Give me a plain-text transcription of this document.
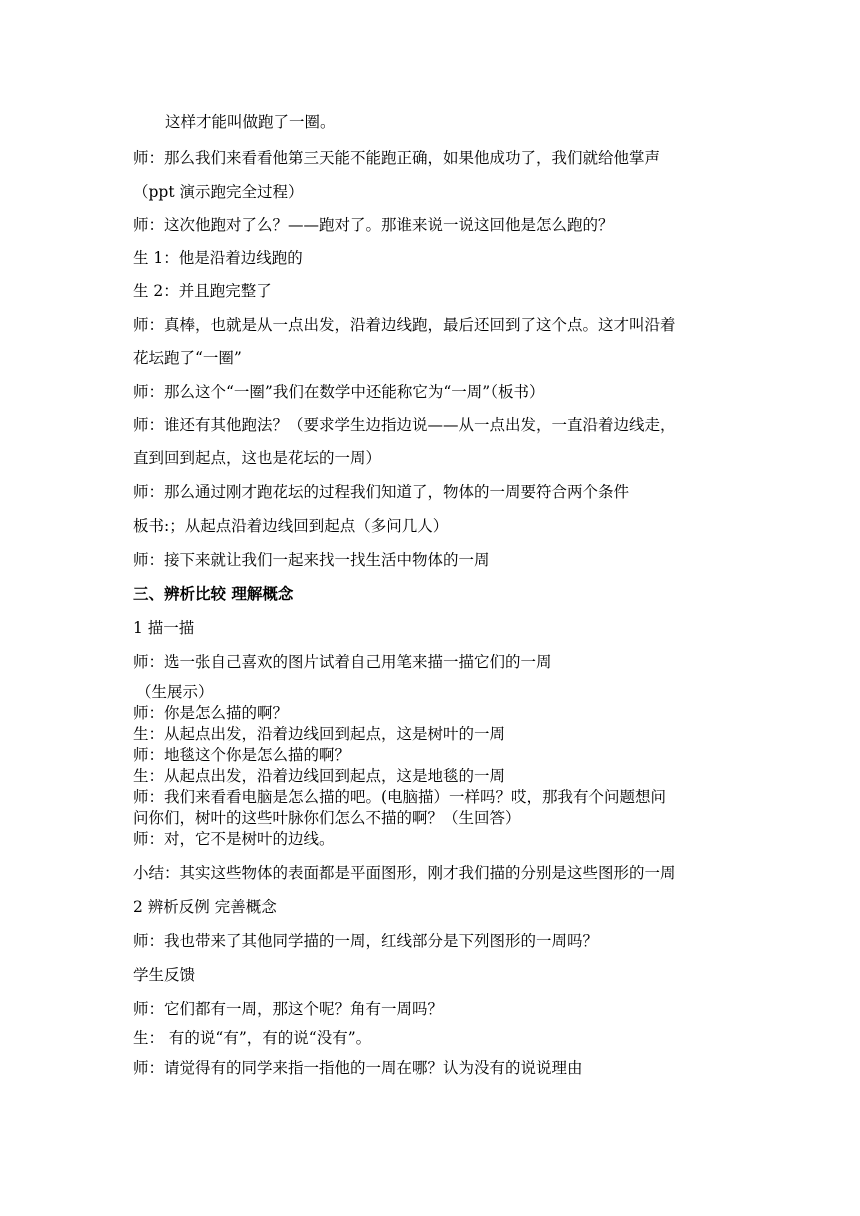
这样才能叫做跑了一圈。
师：那么我们来看看他第三天能不能跑正确，如果他成功了，我们就给他掌声
（ppt 演示跑完全过程）
师：这次他跑对了么？——跑对了。那谁来说一说这回他是怎么跑的？
生 1：他是沿着边线跑的
生 2：并且跑完整了
师：真棒，也就是从一点出发，沿着边线跑，最后还回到了这个点。这才叫沿着
花坛跑了“一圈”
师：那么这个“一圈”我们在数学中还能称它为“一周”（板书）
师：谁还有其他跑法？（要求学生边指边说——从一点出发，一直沿着边线走，
直到回到起点，这也是花坛的一周）
师：那么通过刚才跑花坛的过程我们知道了，物体的一周要符合两个条件
板书:；从起点沿着边线回到起点（多问几人）
师：接下来就让我们一起来找一找生活中物体的一周
三、辨析比较 理解概念
1 描一描
师：选一张自己喜欢的图片试着自己用笔来描一描它们的一周
（生展示）
师：你是怎么描的啊？
生：从起点出发，沿着边线回到起点，这是树叶的一周
师：地毯这个你是怎么描的啊？
生：从起点出发，沿着边线回到起点，这是地毯的一周
师：我们来看看电脑是怎么描的吧。(电脑描）一样吗？哎，那我有个问题想问
问你们，树叶的这些叶脉你们怎么不描的啊？（生回答）
师：对，它不是树叶的边线。
小结：其实这些物体的表面都是平面图形，刚才我们描的分别是这些图形的一周
2 辨析反例 完善概念
师：我也带来了其他同学描的一周，红线部分是下列图形的一周吗？
学生反馈
师：它们都有一周，那这个呢？角有一周吗？
生： 有的说“有”，有的说“没有”。
师：请觉得有的同学来指一指他的一周在哪？认为没有的说说理由
